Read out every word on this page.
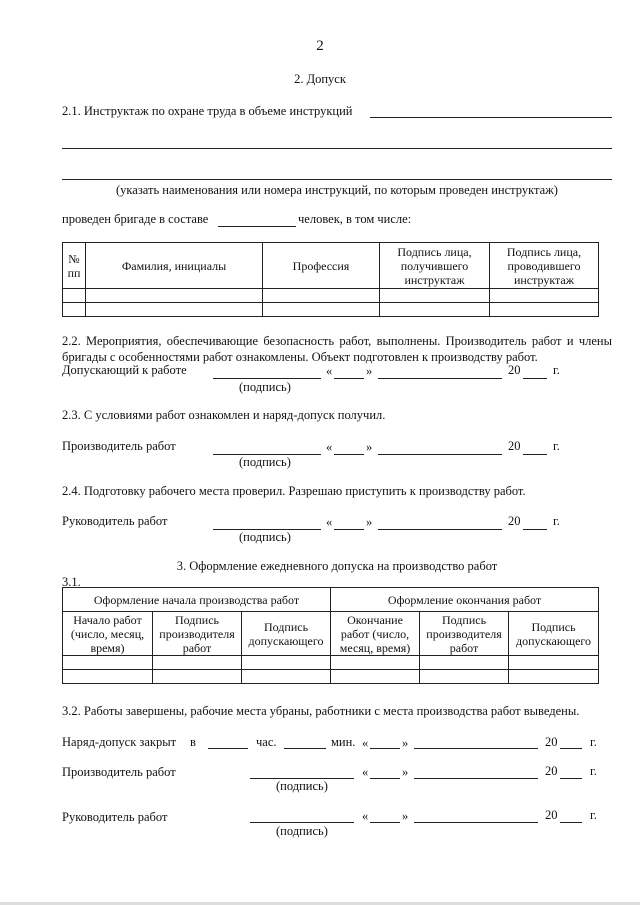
2
2. Допуск
2.1. Инструктаж по охране труда в объеме инструкций
(указать наименования или номера инструкций, по которым проведен инструктаж)
проведен бригаде в составе	человек, в том числе:
№ пп	Фамилия, инициалы	Профессия	Подпись лица, получившего инструктаж	Подпись лица, проводившего инструктаж

2.2. Мероприятия, обеспечивающие безопасность работ, выполнены. Производитель работ и члены бригады с особенностями работ ознакомлены. Объект подготовлен к производству работ.
Допускающий к работе	«	»	20	г.
(подпись)
2.3. С условиями работ ознакомлен и наряд-допуск получил.
Производитель работ	«	»	20	г.
(подпись)
2.4. Подготовку рабочего места проверил. Разрешаю приступить к производству работ.
Руководитель работ	«	»	20	г.
(подпись)
3. Оформление ежедневного допуска на производство работ
3.1.
Оформление начала производства работ			Оформление окончания работ		
Начало работ (число, месяц, время)	Подпись производителя работ	Подпись допускающего	Окончание работ (число, месяц, время)	Подпись производителя работ	Подпись допускающего

3.2. Работы завершены, рабочие места убраны, работники с места производства работ выведены.
Наряд-допуск закрыт в	час.	мин. «	»	20	г.
Производитель работ	«	»	20	г.
(подпись)
Руководитель работ	«	»	20	г.
(подпись)
